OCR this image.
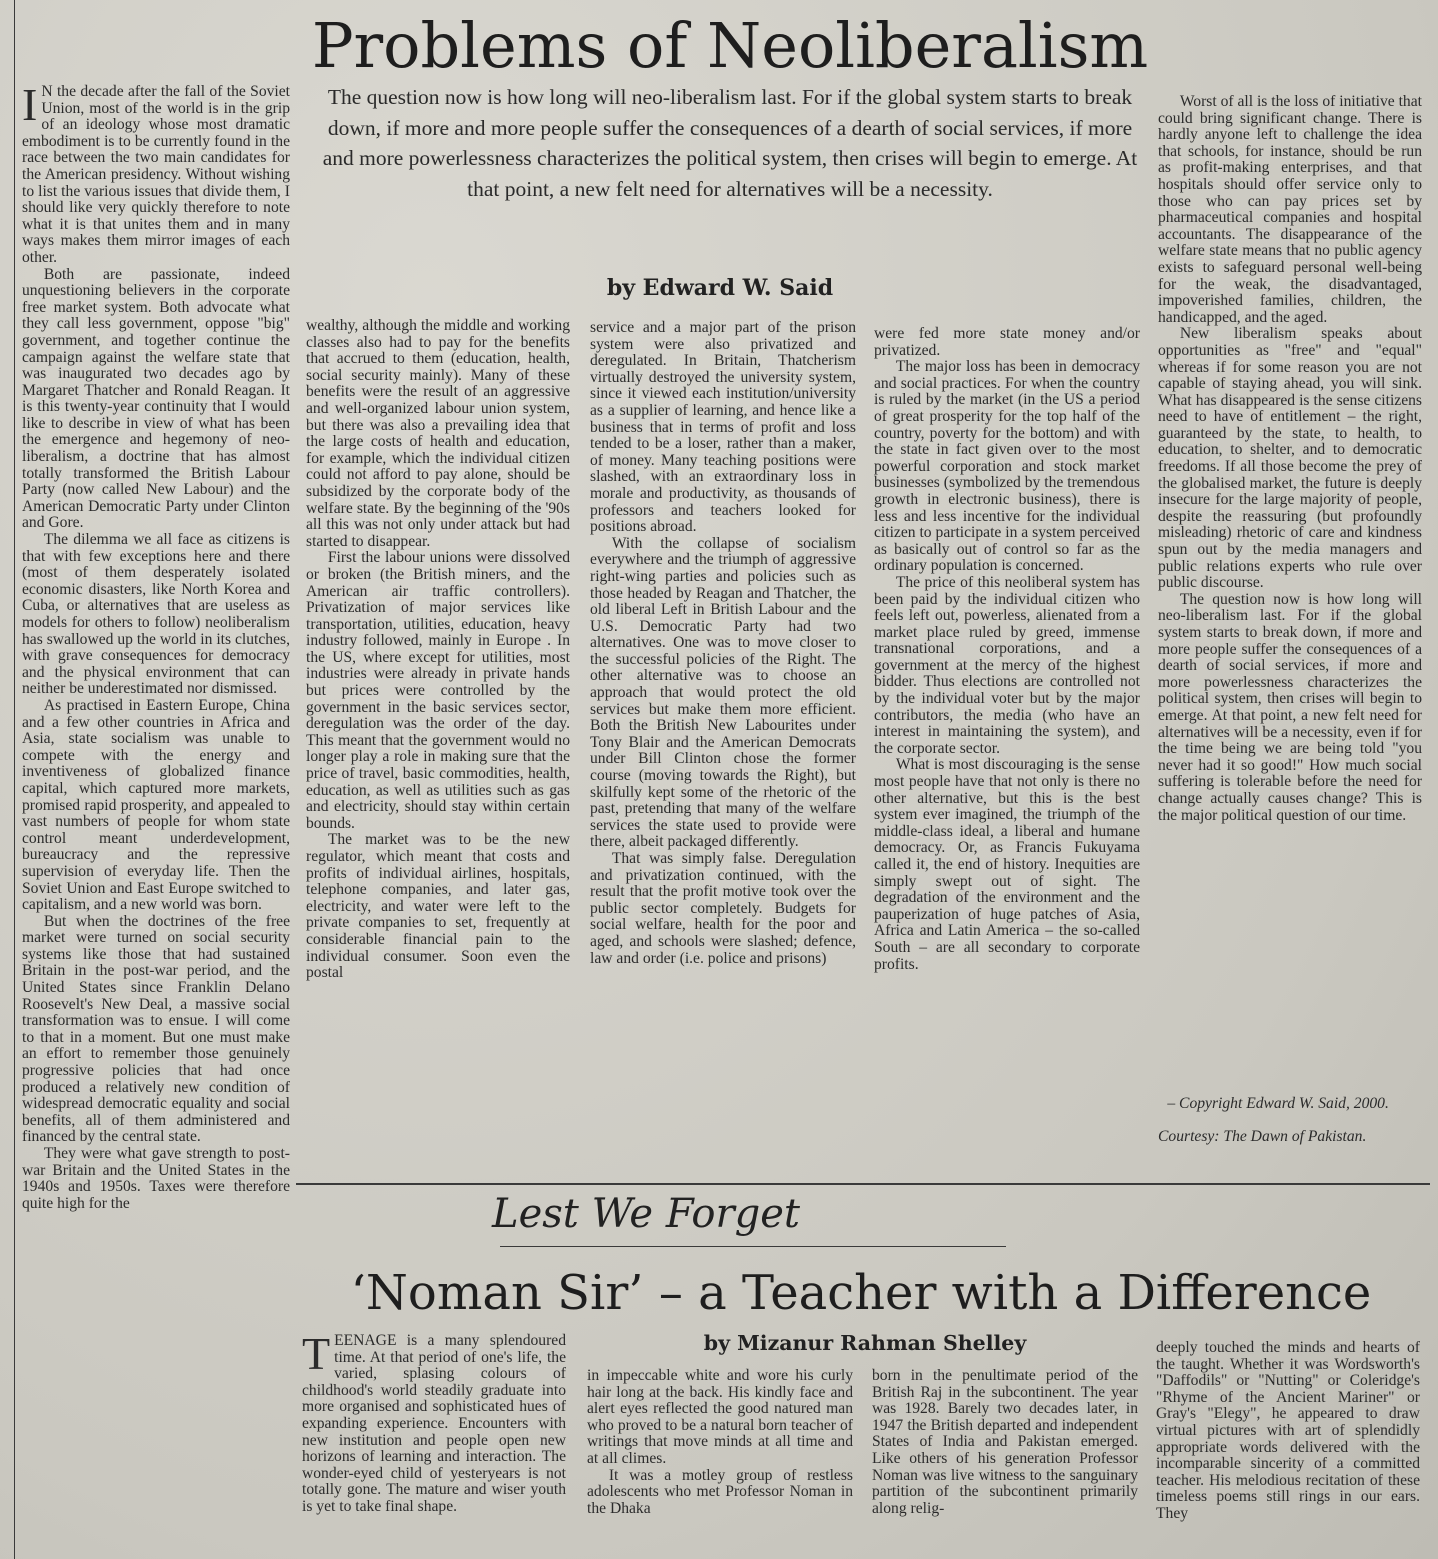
Problems of Neoliberalism
The question now is how long will neo-liberalism last. For if the global system starts to break down, if more and more people suffer the consequences of a dearth of social services, if more and more powerlessness characterizes the political system, then crises will begin to emerge. At that point, a new felt need for alternatives will be a necessity.
by Edward W. Said

I N the decade after the fall of the Soviet Union, most of the world is in the grip of an ideology whose most dramatic embodiment is to be currently found in the race between the two main candidates for the American presidency. Without wishing to list the various issues that divide them, I should like very quickly therefore to note what it is that unites them and in many ways makes them mirror images of each other.

Both are passionate, indeed unquestioning believers in the corporate free market system. Both advocate what they call less government, oppose "big" government, and together continue the campaign against the welfare state that was inaugurated two decades ago by Margaret Thatcher and Ronald Reagan. It is this twenty-year continuity that I would like to describe in view of what has been the emergence and hegemony of neo-liberalism, a doctrine that has almost totally transformed the British Labour Party (now called New Labour) and the American Democratic Party under Clinton and Gore.

The dilemma we all face as citizens is that with few exceptions here and there (most of them desperately isolated economic disasters, like North Korea and Cuba, or alternatives that are useless as models for others to follow) neoliberalism has swallowed up the world in its clutches, with grave consequences for democracy and the physical environment that can neither be underestimated nor dismissed.

As practised in Eastern Europe, China and a few other countries in Africa and Asia, state socialism was unable to compete with the energy and inventiveness of globalized finance capital, which captured more markets, promised rapid prosperity, and appealed to vast numbers of people for whom state control meant underdevelopment, bureaucracy and the repressive supervision of everyday life. Then the Soviet Union and East Europe switched to capitalism, and a new world was born.

But when the doctrines of the free market were turned on social security systems like those that had sustained Britain in the post-war period, and the United States since Franklin Delano Roosevelt's New Deal, a massive social transformation was to ensue. I will come to that in a moment. But one must make an effort to remember those genuinely progressive policies that had once produced a relatively new condition of widespread democratic equality and social benefits, all of them administered and financed by the central state.

They were what gave strength to post-war Britain and the United States in the 1940s and 1950s. Taxes were therefore quite high for the

wealthy, although the middle and working classes also had to pay for the benefits that accrued to them (education, health, social security mainly). Many of these benefits were the result of an aggressive and well-organized labour union system, but there was also a prevailing idea that the large costs of health and education, for example, which the individual citizen could not afford to pay alone, should be subsidized by the corporate body of the welfare state. By the beginning of the '90s all this was not only under attack but had started to disappear.

First the labour unions were dissolved or broken (the British miners, and the American air traffic controllers). Privatization of major services like transportation, utilities, education, heavy industry followed, mainly in Europe . In the US, where except for utilities, most industries were already in private hands but prices were controlled by the government in the basic services sector, deregulation was the order of the day. This meant that the government would no longer play a role in making sure that the price of travel, basic commodities, health, education, as well as utilities such as gas and electricity, should stay within certain bounds.

The market was to be the new regulator, which meant that costs and profits of individual airlines, hospitals, telephone companies, and later gas, electricity, and water were left to the private companies to set, frequently at considerable financial pain to the individual consumer. Soon even the postal

service and a major part of the prison system were also privatized and deregulated. In Britain, Thatcherism virtually destroyed the university system, since it viewed each institution/university as a supplier of learning, and hence like a business that in terms of profit and loss tended to be a loser, rather than a maker, of money. Many teaching positions were slashed, with an extraordinary loss in morale and productivity, as thousands of professors and teachers looked for positions abroad.

With the collapse of socialism everywhere and the triumph of aggressive right-wing parties and policies such as those headed by Reagan and Thatcher, the old liberal Left in British Labour and the U.S. Democratic Party had two alternatives. One was to move closer to the successful policies of the Right. The other alternative was to choose an approach that would protect the old services but make them more efficient. Both the British New Labourites under Tony Blair and the American Democrats under Bill Clinton chose the former course (moving towards the Right), but skilfully kept some of the rhetoric of the past, pretending that many of the welfare services the state used to provide were there, albeit packaged differently.

That was simply false. Deregulation and privatization continued, with the result that the profit motive took over the public sector completely. Budgets for social welfare, health for the poor and aged, and schools were slashed; defence, law and order (i.e. police and prisons)

were fed more state money and/or privatized.

The major loss has been in democracy and social practices. For when the country is ruled by the market (in the US a period of great prosperity for the top half of the country, poverty for the bottom) and with the state in fact given over to the most powerful corporation and stock market businesses (symbolized by the tremendous growth in electronic business), there is less and less incentive for the individual citizen to participate in a system perceived as basically out of control so far as the ordinary population is concerned.

The price of this neoliberal system has been paid by the individual citizen who feels left out, powerless, alienated from a market place ruled by greed, immense transnational corporations, and a government at the mercy of the highest bidder. Thus elections are controlled not by the individual voter but by the major contributors, the media (who have an interest in maintaining the system), and the corporate sector.

What is most discouraging is the sense most people have that not only is there no other alternative, but this is the best system ever imagined, the triumph of the middle-class ideal, a liberal and humane democracy. Or, as Francis Fukuyama called it, the end of history. Inequities are simply swept out of sight. The degradation of the environment and the pauperization of huge patches of Asia, Africa and Latin America – the so-called South – are all secondary to corporate profits.

Worst of all is the loss of initiative that could bring significant change. There is hardly anyone left to challenge the idea that schools, for instance, should be run as profit-making enterprises, and that hospitals should offer service only to those who can pay prices set by pharmaceutical companies and hospital accountants. The disappearance of the welfare state means that no public agency exists to safeguard personal well-being for the weak, the disadvantaged, impoverished families, children, the handicapped, and the aged.

New liberalism speaks about opportunities as "free" and "equal" whereas if for some reason you are not capable of staying ahead, you will sink. What has disappeared is the sense citizens need to have of entitlement – the right, guaranteed by the state, to health, to education, to shelter, and to democratic freedoms. If all those become the prey of the globalised market, the future is deeply insecure for the large majority of people, despite the reassuring (but profoundly misleading) rhetoric of care and kindness spun out by the media managers and public relations experts who rule over public discourse.

The question now is how long will neo-liberalism last. For if the global system starts to break down, if more and more people suffer the consequences of a dearth of social services, if more and more powerlessness characterizes the political system, then crises will begin to emerge. At that point, a new felt need for alternatives will be a necessity, even if for the time being we are being told "you never had it so good!" How much social suffering is tolerable before the need for change actually causes change? This is the major political question of our time.

– Copyright Edward W. Said, 2000.

Courtesy: The Dawn of Pakistan.

Lest We Forget
‘Noman Sir’ – a Teacher with a Difference
by Mizanur Rahman Shelley

TEENAGE is a many splendoured time. At that period of one's life, the varied, splasing colours of childhood's world steadily graduate into more organised and sophisticated hues of expanding experience. Encounters with new institution and people open new horizons of learning and interaction. The wonder-eyed child of yesteryears is not totally gone. The mature and wiser youth is yet to take final shape.

in impeccable white and wore his curly hair long at the back. His kindly face and alert eyes reflected the good natured man who proved to be a natural born teacher of writings that move minds at all time and at all climes.

It was a motley group of restless adolescents who met Professor Noman in the Dhaka

born in the penultimate period of the British Raj in the subcontinent. The year was 1928. Barely two decades later, in 1947 the British departed and independent States of India and Pakistan emerged. Like others of his generation Professor Noman was live witness to the sanguinary partition of the subcontinent primarily along relig-

deeply touched the minds and hearts of the taught. Whether it was Wordsworth's "Daffodils" or "Nutting" or Coleridge's "Rhyme of the Ancient Mariner" or Gray's "Elegy", he appeared to draw virtual pictures with art of splendidly appropriate words delivered with the incomparable sincerity of a committed teacher. His melodious recitation of these timeless poems still rings in our ears. They
